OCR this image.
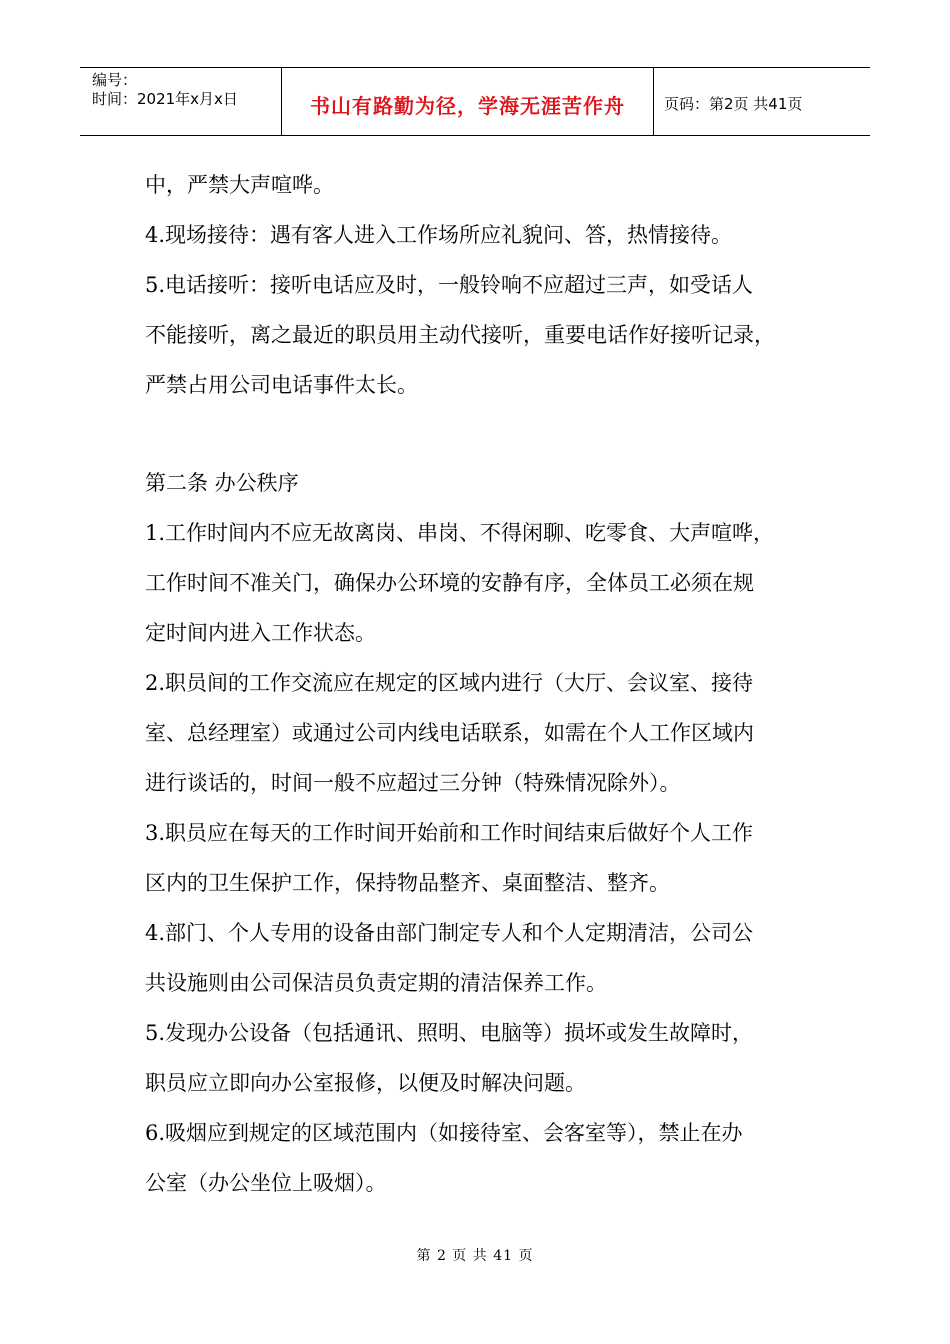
编号：
时间：2021年x月x日	书山有路勤为径，学海无涯苦作舟	页码：第2页 共41页
中，严禁大声喧哗。
4.现场接待：遇有客人进入工作场所应礼貌问、答，热情接待。
5.电话接听：接听电话应及时，一般铃响不应超过三声，如受话人
不能接听，离之最近的职员用主动代接听，重要电话作好接听记录，
严禁占用公司电话事件太长。
第二条 办公秩序
1.工作时间内不应无故离岗、串岗、不得闲聊、吃零食、大声喧哗，
工作时间不准关门，确保办公环境的安静有序，全体员工必须在规
定时间内进入工作状态。
2.职员间的工作交流应在规定的区域内进行（大厅、会议室、接待
室、总经理室）或通过公司内线电话联系，如需在个人工作区域内
进行谈话的，时间一般不应超过三分钟（特殊情况除外）。
3.职员应在每天的工作时间开始前和工作时间结束后做好个人工作
区内的卫生保护工作，保持物品整齐、桌面整洁、整齐。
4.部门、个人专用的设备由部门制定专人和个人定期清洁，公司公
共设施则由公司保洁员负责定期的清洁保养工作。
5.发现办公设备（包括通讯、照明、电脑等）损坏或发生故障时，
职员应立即向办公室报修，以便及时解决问题。
6.吸烟应到规定的区域范围内（如接待室、会客室等），禁止在办
公室（办公坐位上吸烟）。
第 2 页 共 41 页
